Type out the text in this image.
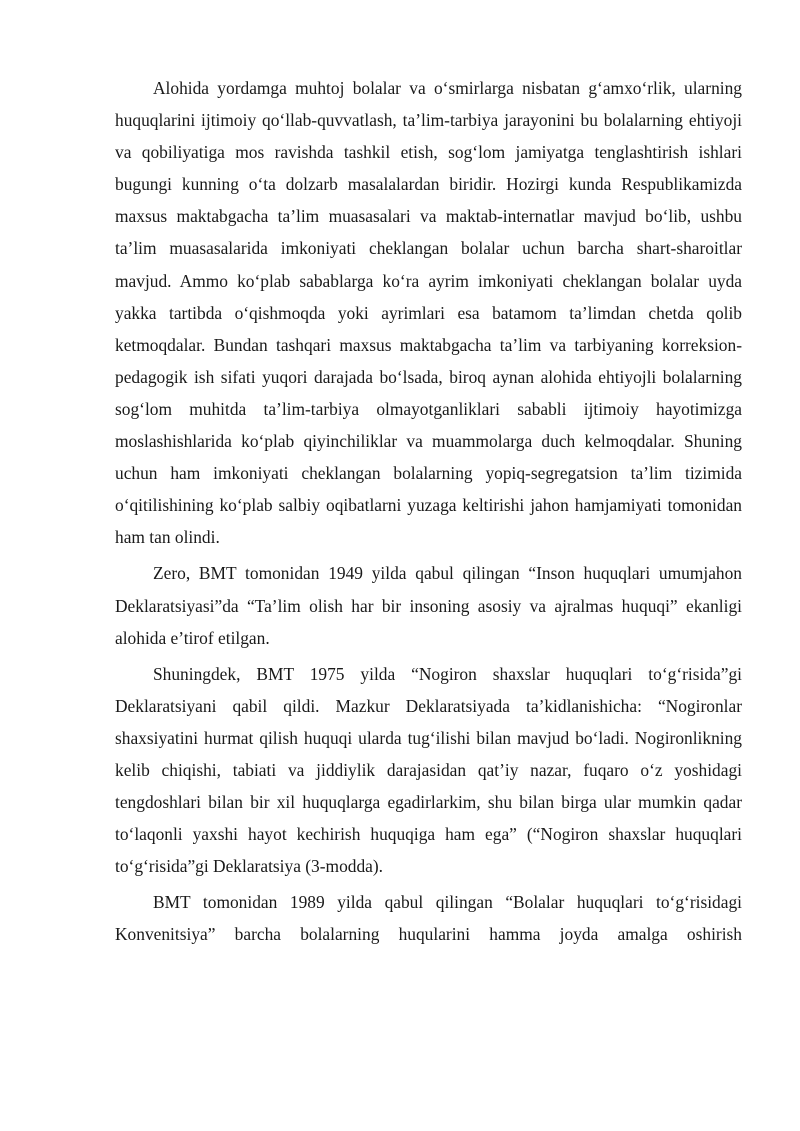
Alohida yordamga muhtoj bolalar va o‘smirlarga nisbatan g‘amxo‘rlik, ularning huquqlarini ijtimoiy qo‘llab-quvvatlash, ta’lim-tarbiya jarayonini bu bolalarning ehtiyoji va qobiliyatiga mos ravishda tashkil etish, sog‘lom jamiyatga tenglashtirish ishlari bugungi kunning o‘ta dolzarb masalalardan biridir. Hozirgi kunda Respublikamizda maxsus maktabgacha ta’lim muasasalari va maktab-internatlar mavjud bo‘lib, ushbu ta’lim muasasalarida imkoniyati cheklangan bolalar uchun barcha shart-sharoitlar mavjud. Ammo ko‘plab sabablarga ko‘ra ayrim imkoniyati cheklangan bolalar uyda yakka tartibda o‘qishmoqda yoki ayrimlari esa batamom ta’limdan chetda qolib ketmoqdalar. Bundan tashqari maxsus maktabgacha ta’lim va tarbiyaning korreksion-pedagogik ish sifati yuqori darajada bo‘lsada, biroq aynan alohida ehtiyojli bolalarning sog‘lom muhitda ta’lim-tarbiya olmayotganliklari sababli ijtimoiy hayotimizga moslashishlarida ko‘plab qiyinchiliklar va muammolarga duch kelmoqdalar. Shuning uchun ham imkoniyati cheklangan bolalarning yopiq-segregatsion ta’lim tizimida o‘qitilishining ko‘plab salbiy oqibatlarni yuzaga keltirishi jahon hamjamiyati tomonidan ham tan olindi.

Zero, BMT tomonidan 1949 yilda qabul qilingan “Inson huquqlari umumjahon Deklaratsiyasi”da “Ta’lim olish har bir insoning asosiy va ajralmas huquqi” ekanligi alohida e’tirof etilgan.

Shuningdek, BMT 1975 yilda “Nogiron shaxslar huquqlari to‘g‘risida”gi Deklaratsiyani qabil qildi. Mazkur Deklaratsiyada ta’kidlanishicha: “Nogironlar shaxsiyatini hurmat qilish huquqi ularda tug‘ilishi bilan mavjud bo‘ladi. Nogironlikning kelib chiqishi, tabiati va jiddiylik darajasidan qat’iy nazar, fuqaro o‘z yoshidagi tengdoshlari bilan bir xil huquqlarga egadirlarkim, shu bilan birga ular mumkin qadar to‘laqonli yaxshi hayot kechirish huquqiga ham ega” (“Nogiron shaxslar huquqlari to‘g‘risida”gi Deklaratsiya (3-modda).

BMT tomonidan 1989 yilda qabul qilingan “Bolalar huquqlari to‘g‘risidagi Konvenitsiya” barcha bolalarning huqularini hamma joyda amalga oshirish
